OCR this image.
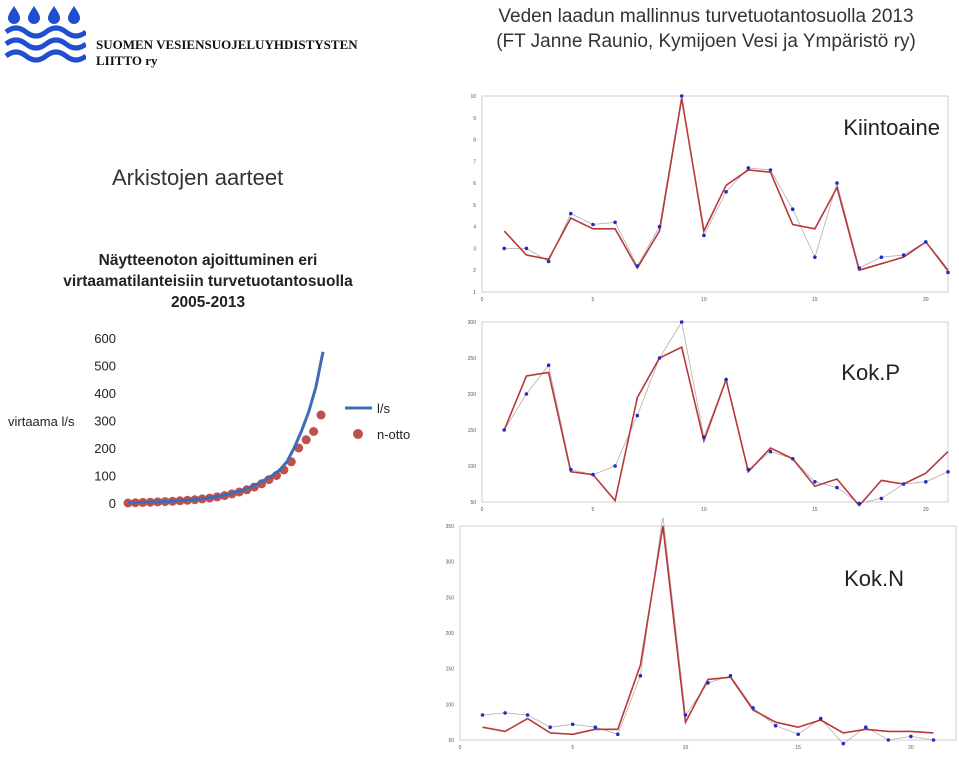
SUOMEN VESIENSUOJELUYHDISTYSTEN
LIITTO ry
Veden laadun mallinnus turvetuotantosuolla 2013
(FT Janne Raunio, Kymijoen Vesi ja Ympäristö ry)
Arkistojen aarteet
Näytteenoton ajoittuminen eri
virtaamatilanteisiin turvetuotantosuolla
2005-2013
0
100
200
300
400
500
600
virtaama l/s
l/s
n-otto
Kiintoaine
1
2
3
4
5
6
7
8
9
10
0	5	10	15	20
Kok.P
50
100
150
200
250
300
0	5	10	15	20
Kok.N
50
100
150
200
250
300
350
0	5	10	15	20
